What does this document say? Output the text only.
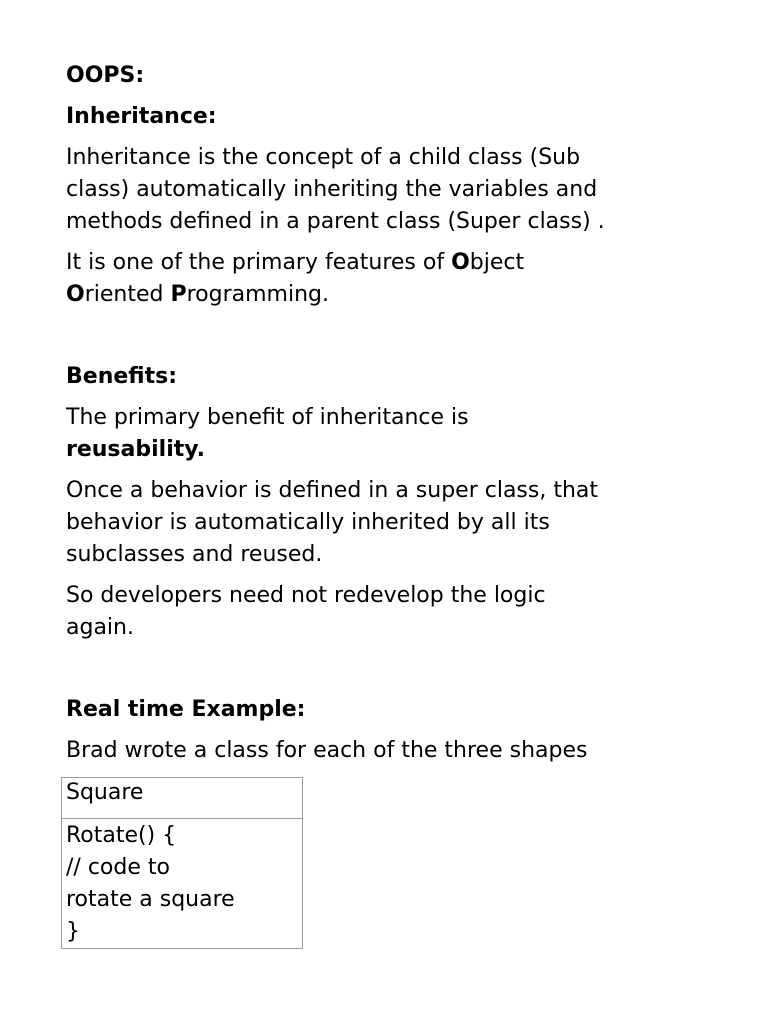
OOPS:
Inheritance:
Inheritance is the concept of a child class (Sub
class) automatically inheriting the variables and
methods defined in a parent class (Super class) .
It is one of the primary features of Object
Oriented Programming.
Benefits:
The primary benefit of inheritance is
reusability.
Once a behavior is defined in a super class, that
behavior is automatically inherited by all its
subclasses and reused.
So developers need not redevelop the logic
again.
Real time Example:
Brad wrote a class for each of the three shapes
Square
Rotate() {
// code to
rotate a square
}
